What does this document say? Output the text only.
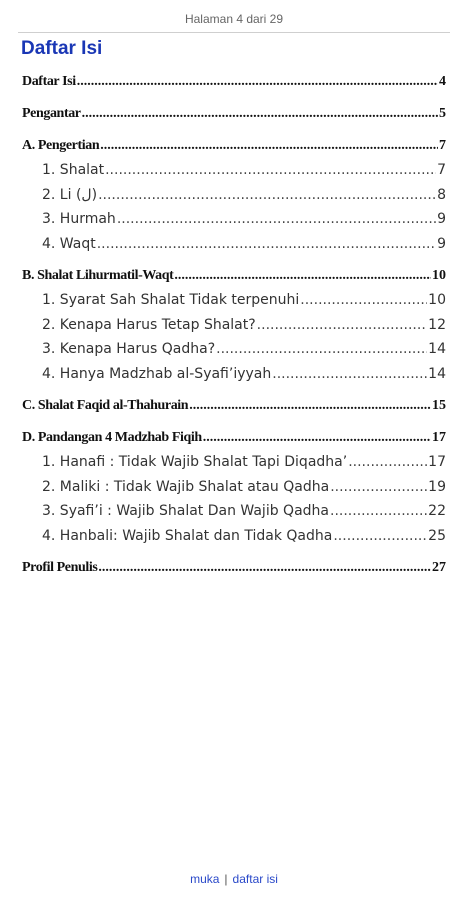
Halaman 4 dari 29
Daftar Isi
Daftar Isi .....	4
Pengantar .....	5
A. Pengertian .....	7
1. Shalat .....	7
2. Li (ل) .....	8
3. Hurmah .....	9
4. Waqt .....	9
B. Shalat Lihurmatil-Waqt .....	10
1. Syarat Sah Shalat Tidak terpenuhi .....	10
2. Kenapa Harus Tetap Shalat? .....	12
3. Kenapa Harus Qadha? .....	14
4. Hanya Madzhab al-Syafi’iyyah .....	14
C. Shalat Faqid al-Thahurain .....	15
D. Pandangan 4 Madzhab Fiqih .....	17
1. Hanafi : Tidak Wajib Shalat Tapi Diqadha’ .....	17
2. Maliki : Tidak Wajib Shalat atau Qadha .....	19
3. Syafi’i : Wajib Shalat Dan Wajib Qadha .....	22
4. Hanbali: Wajib Shalat dan Tidak Qadha .....	25
Profil Penulis .....	27
muka | daftar isi
